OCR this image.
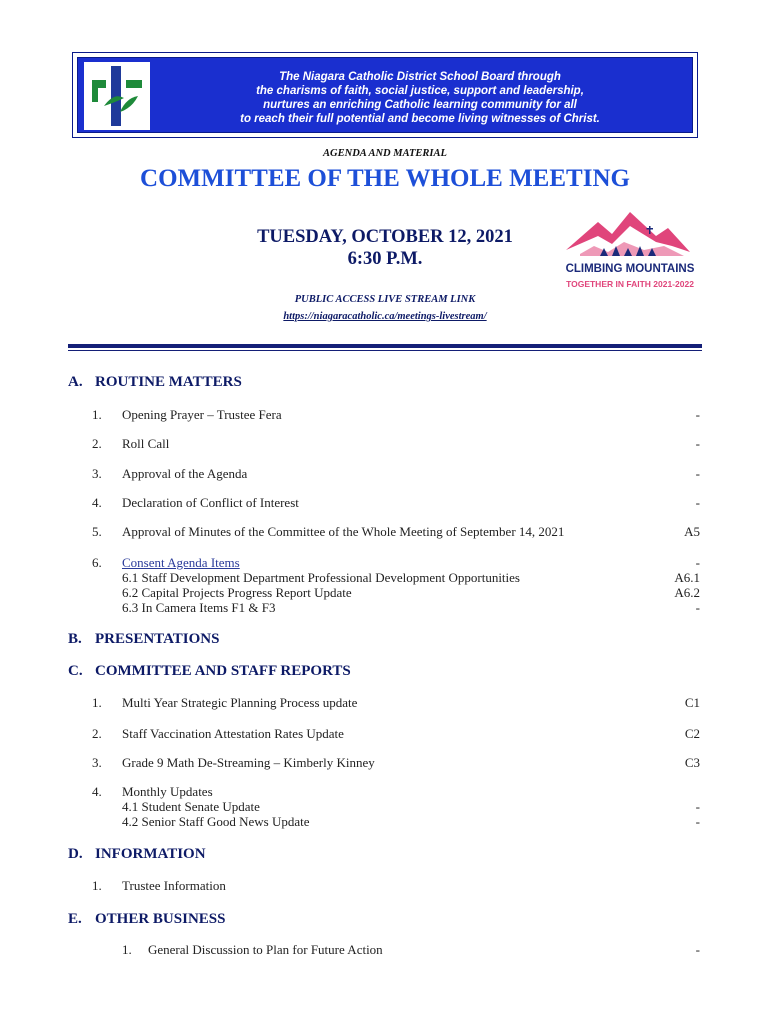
The Niagara Catholic District School Board through
the charisms of faith, social justice, support and leadership,
nurtures an enriching Catholic learning community for all
to reach their full potential and become living witnesses of Christ.
AGENDA AND MATERIAL
COMMITTEE OF THE WHOLE MEETING
TUESDAY, OCTOBER 12, 2021
6:30 P.M.	CLIMBING MOUNTAINS
TOGETHER IN FAITH 2021-2022
PUBLIC ACCESS LIVE STREAM LINK
https://niagaracatholic.ca/meetings-livestream/
A. ROUTINE MATTERS
1. Opening Prayer – Trustee Fera	-
2. Roll Call	-
3. Approval of the Agenda	-
4. Declaration of Conflict of Interest	-
5. Approval of Minutes of the Committee of the Whole Meeting of September 14, 2021	A5
6. Consent Agenda Items	-
6.1 Staff Development Department Professional Development Opportunities	A6.1
6.2 Capital Projects Progress Report Update	A6.2
6.3 In Camera Items F1 & F3	-
B. PRESENTATIONS
C. COMMITTEE AND STAFF REPORTS
1. Multi Year Strategic Planning Process update	C1
2. Staff Vaccination Attestation Rates Update	C2
3. Grade 9 Math De-Streaming – Kimberly Kinney	C3
4. Monthly Updates
4.1 Student Senate Update	-
4.2 Senior Staff Good News Update	-
D. INFORMATION
1. Trustee Information
E. OTHER BUSINESS
1. General Discussion to Plan for Future Action	-
